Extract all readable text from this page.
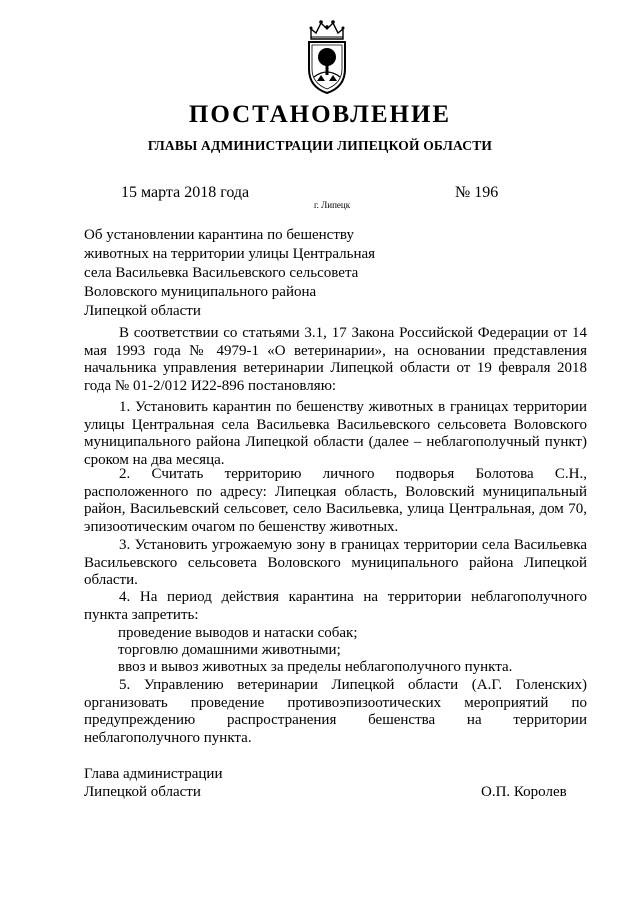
ПОСТАНОВЛЕНИЕ
ГЛАВЫ АДМИНИСТРАЦИИ ЛИПЕЦКОЙ ОБЛАСТИ
15 марта 2018 года
г. Липецк
№ 196
Об установлении карантина по бешенству
животных на территории улицы Центральная
села Васильевка Васильевского сельсовета
Воловского муниципального района
Липецкой области

В соответствии со статьями 3.1, 17 Закона Российской Федерации от 14 мая 1993 года № 4979-1 «О ветеринарии», на основании представления начальника управления ветеринарии Липецкой области от 19 февраля 2018 года № 01-2/012 И22-896 постановляю:

1. Установить карантин по бешенству животных в границах территории улицы Центральная села Васильевка Васильевского сельсовета Воловского муниципального района Липецкой области (далее – неблагополучный пункт) сроком на два месяца.

2. Считать территорию личного подворья Болотова С.Н., расположенного по адресу: Липецкая область, Воловский муниципальный район, Васильевский сельсовет, село Васильевка, улица Центральная, дом 70, эпизоотическим очагом по бешенству животных.

3. Установить угрожаемую зону в границах территории села Васильевка Васильевского сельсовета Воловского муниципального района Липецкой области.

4. На период действия карантина на территории неблагополучного пункта запретить:

проведение выводов и натаски собак;

торговлю домашними животными;

ввоз и вывоз животных за пределы неблагополучного пункта.

5. Управлению ветеринарии Липецкой области (А.Г. Голенских) организовать проведение противоэпизоотических мероприятий по предупреждению распространения бешенства на территории неблагополучного пункта.

Глава администрации
Липецкой области	О.П. Королев
